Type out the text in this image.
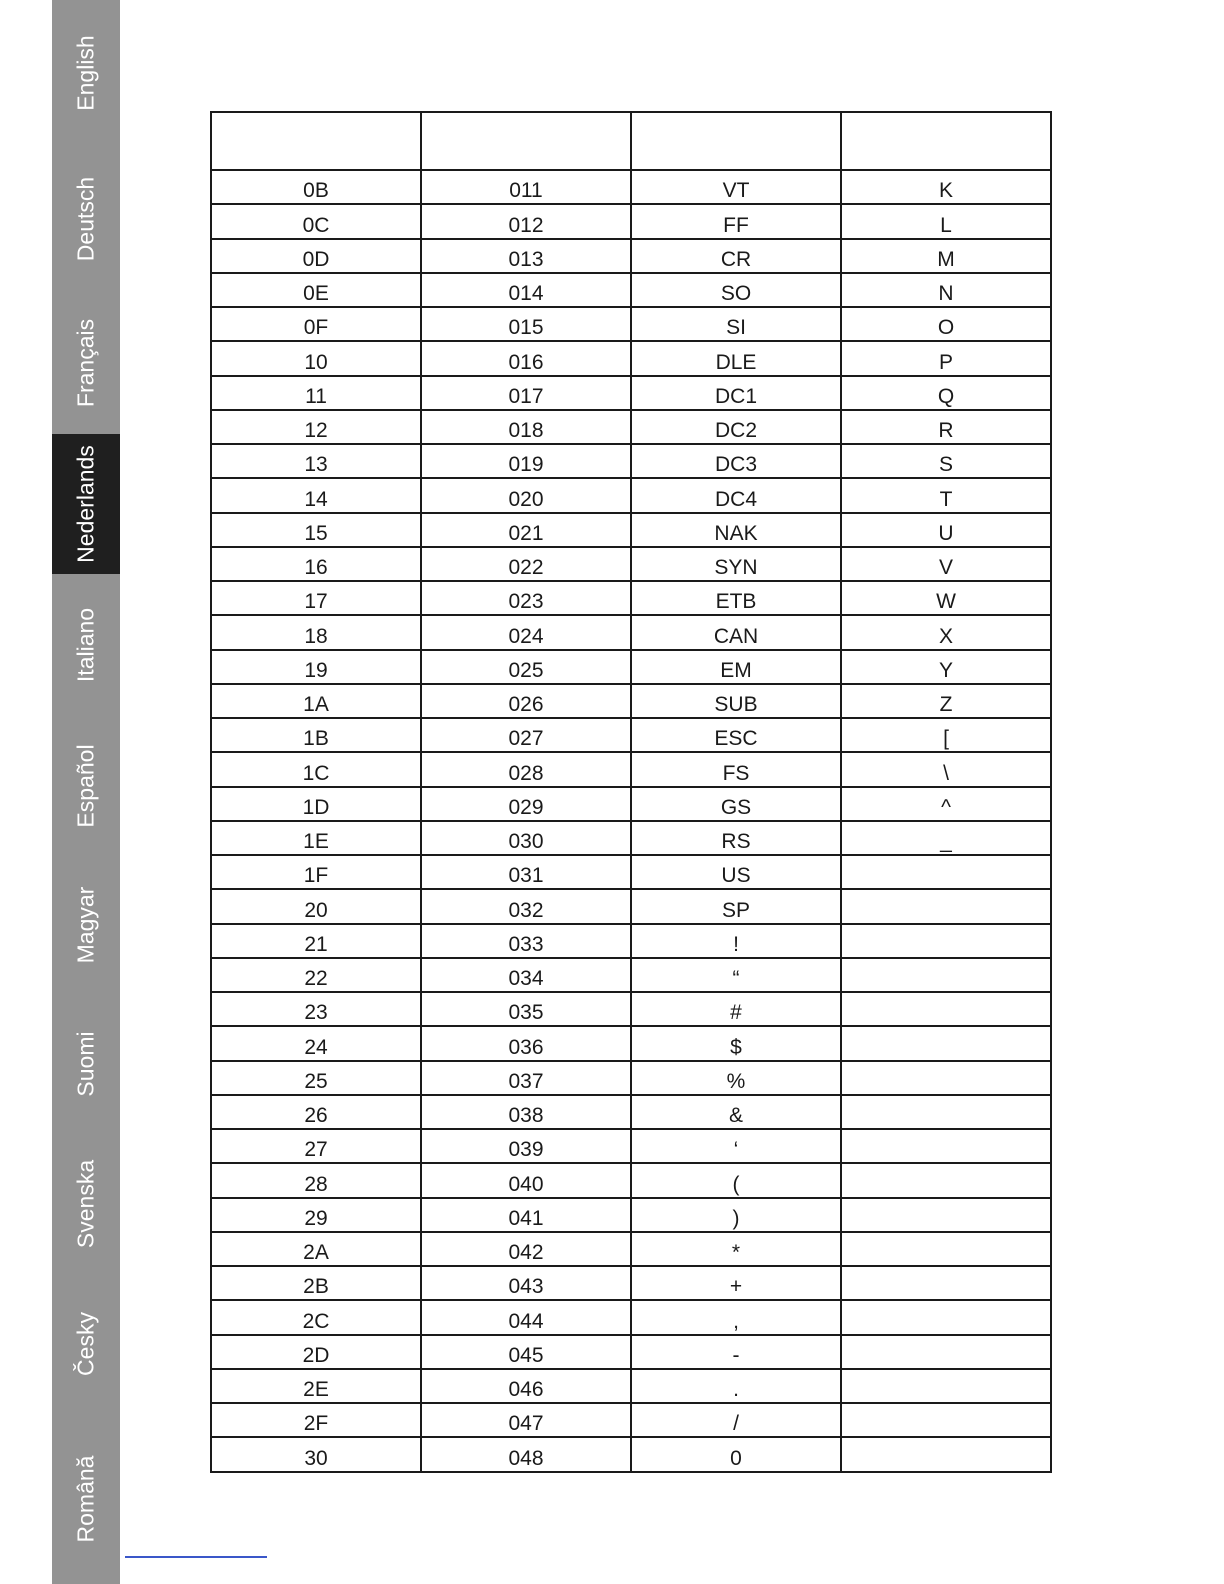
English
Deutsch
Français
Nederlands
Italiano
Español
Magyar
Suomi
Svenska
Česky
Română

0B	011	VT	K
0C	012	FF	L
0D	013	CR	M
0E	014	SO	N
0F	015	SI	O
10	016	DLE	P
11	017	DC1	Q
12	018	DC2	R
13	019	DC3	S
14	020	DC4	T
15	021	NAK	U
16	022	SYN	V
17	023	ETB	W
18	024	CAN	X
19	025	EM	Y
1A	026	SUB	Z
1B	027	ESC	[
1C	028	FS	\
1D	029	GS	^
1E	030	RS	_
1F	031	US	
20	032	SP	
21	033	!	
22	034	“	
23	035	#	
24	036	$	
25	037	%	
26	038	&	
27	039	‘	
28	040	(	
29	041	)	
2A	042	*	
2B	043	+	
2C	044	,	
2D	045	-	
2E	046	.	
2F	047	/	
30	048	0	
